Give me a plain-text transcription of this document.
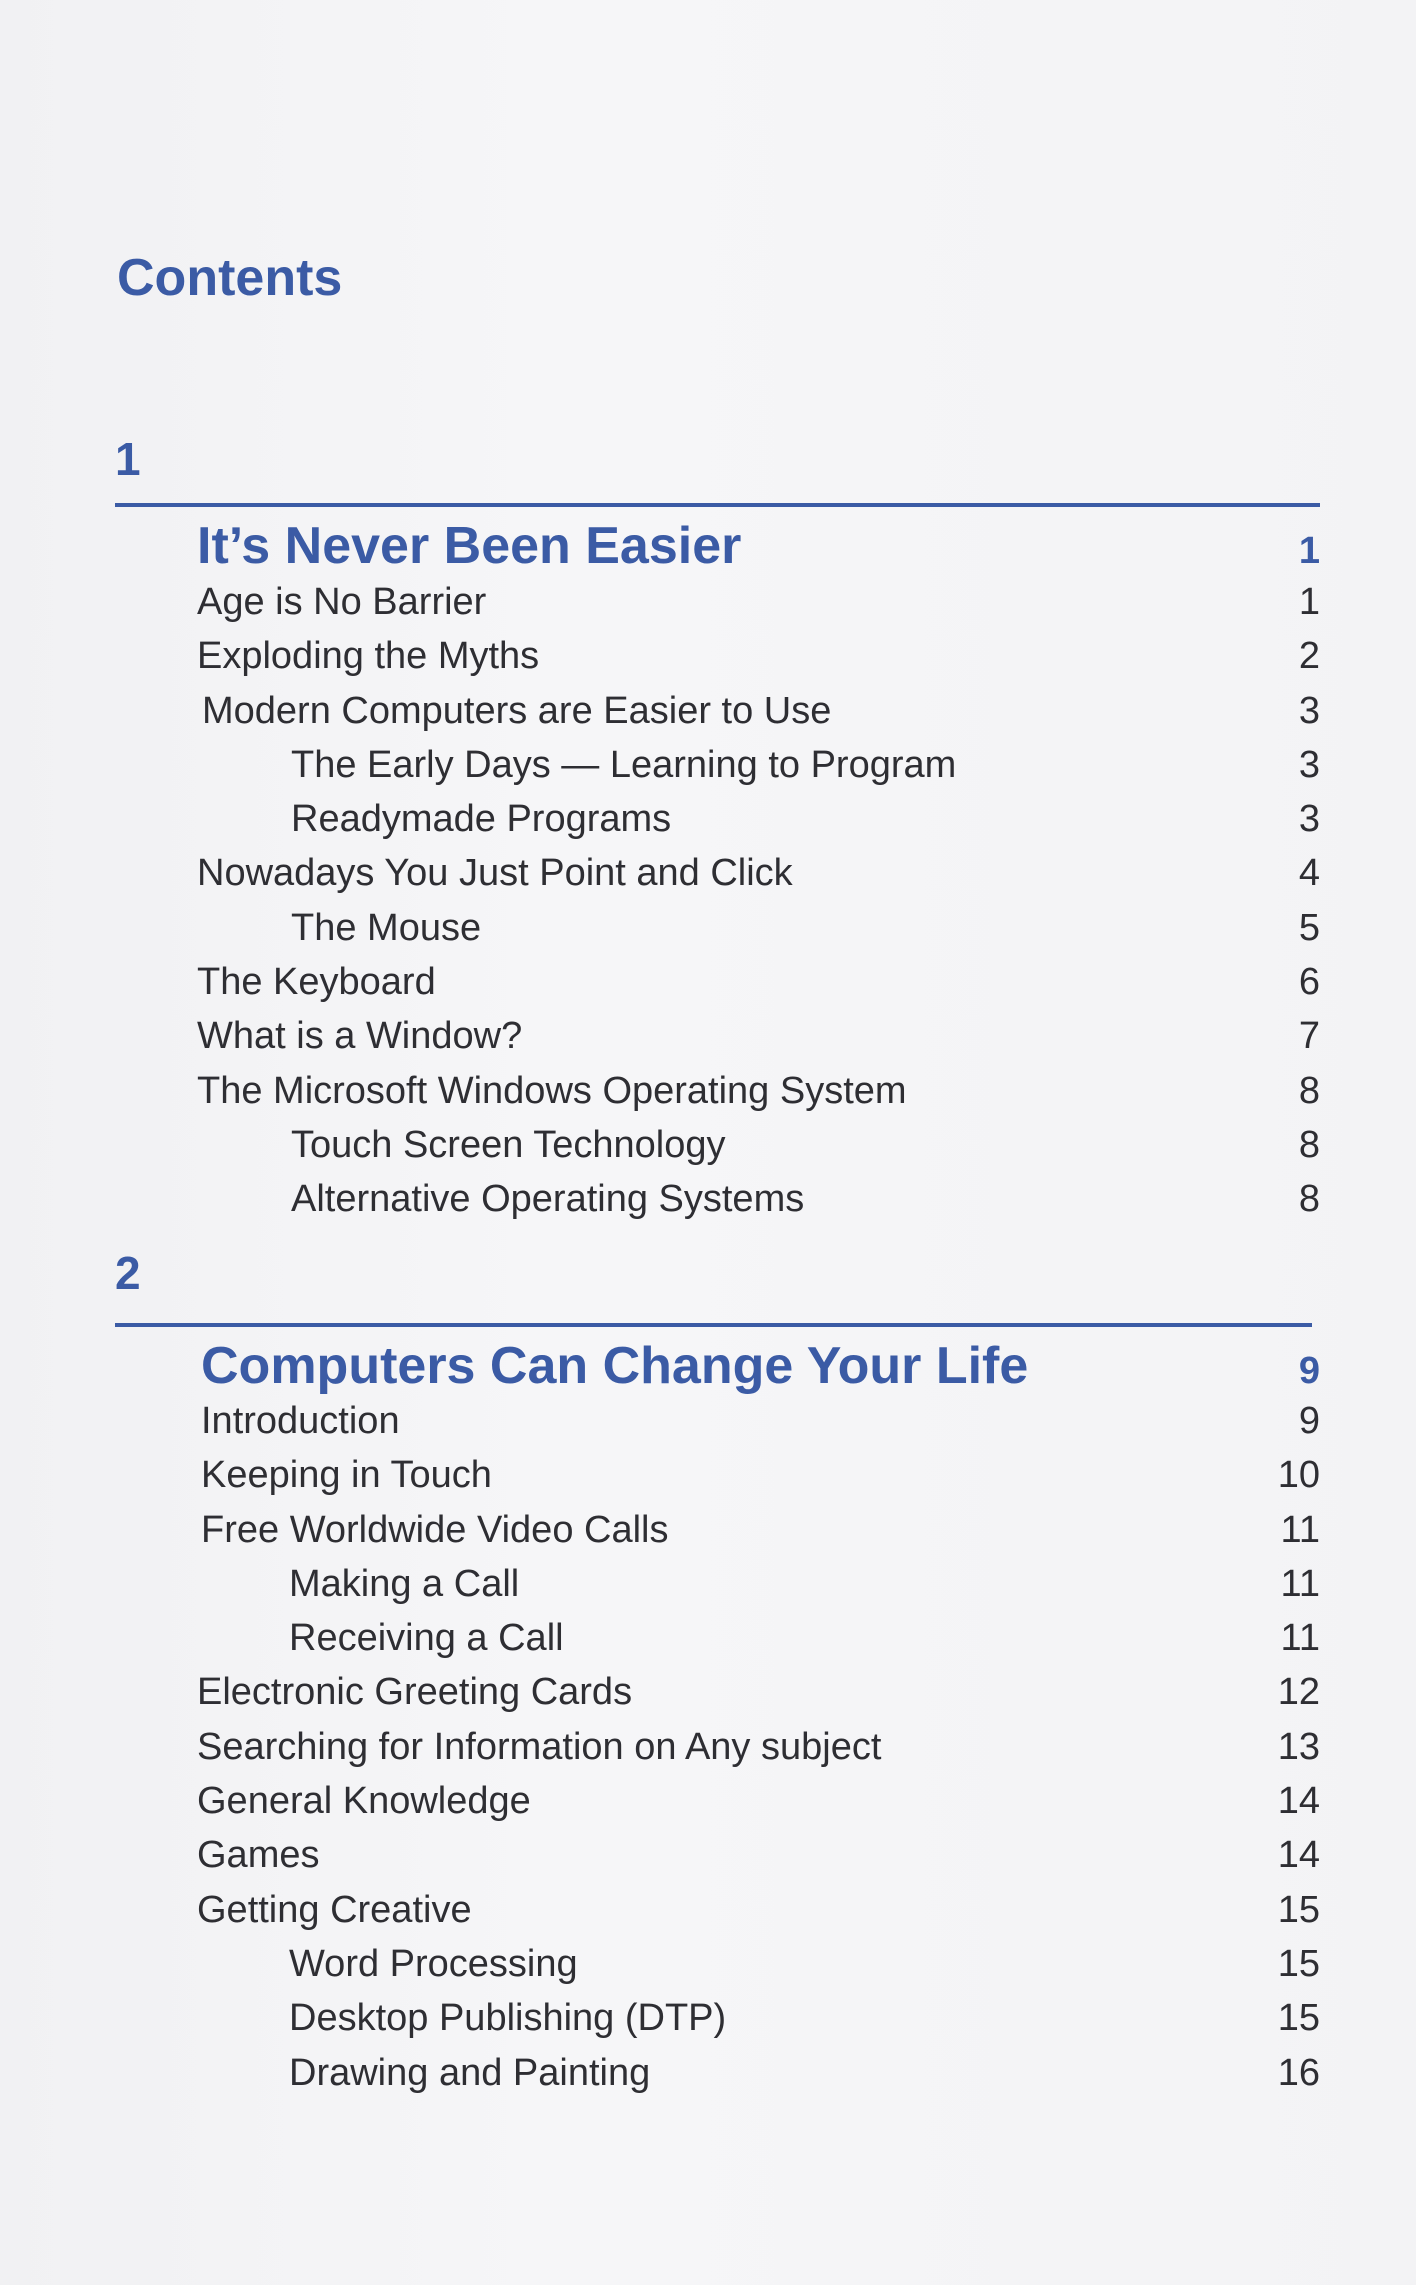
Contents
1
It’s Never Been Easier	1
Age is No Barrier	1
Exploding the Myths	2
Modern Computers are Easier to Use	3
The Early Days — Learning to Program	3
Readymade Programs	3
Nowadays You Just Point and Click	4
The Mouse	5
The Keyboard	6
What is a Window?	7
The Microsoft Windows Operating System	8
Touch Screen Technology	8
Alternative Operating Systems	8
2
Computers Can Change Your Life	9
Introduction	9
Keeping in Touch	10
Free Worldwide Video Calls	11
Making a Call	11
Receiving a Call	11
Electronic Greeting Cards	12
Searching for Information on Any subject	13
General Knowledge	14
Games	14
Getting Creative	15
Word Processing	15
Desktop Publishing (DTP)	15
Drawing and Painting	16
